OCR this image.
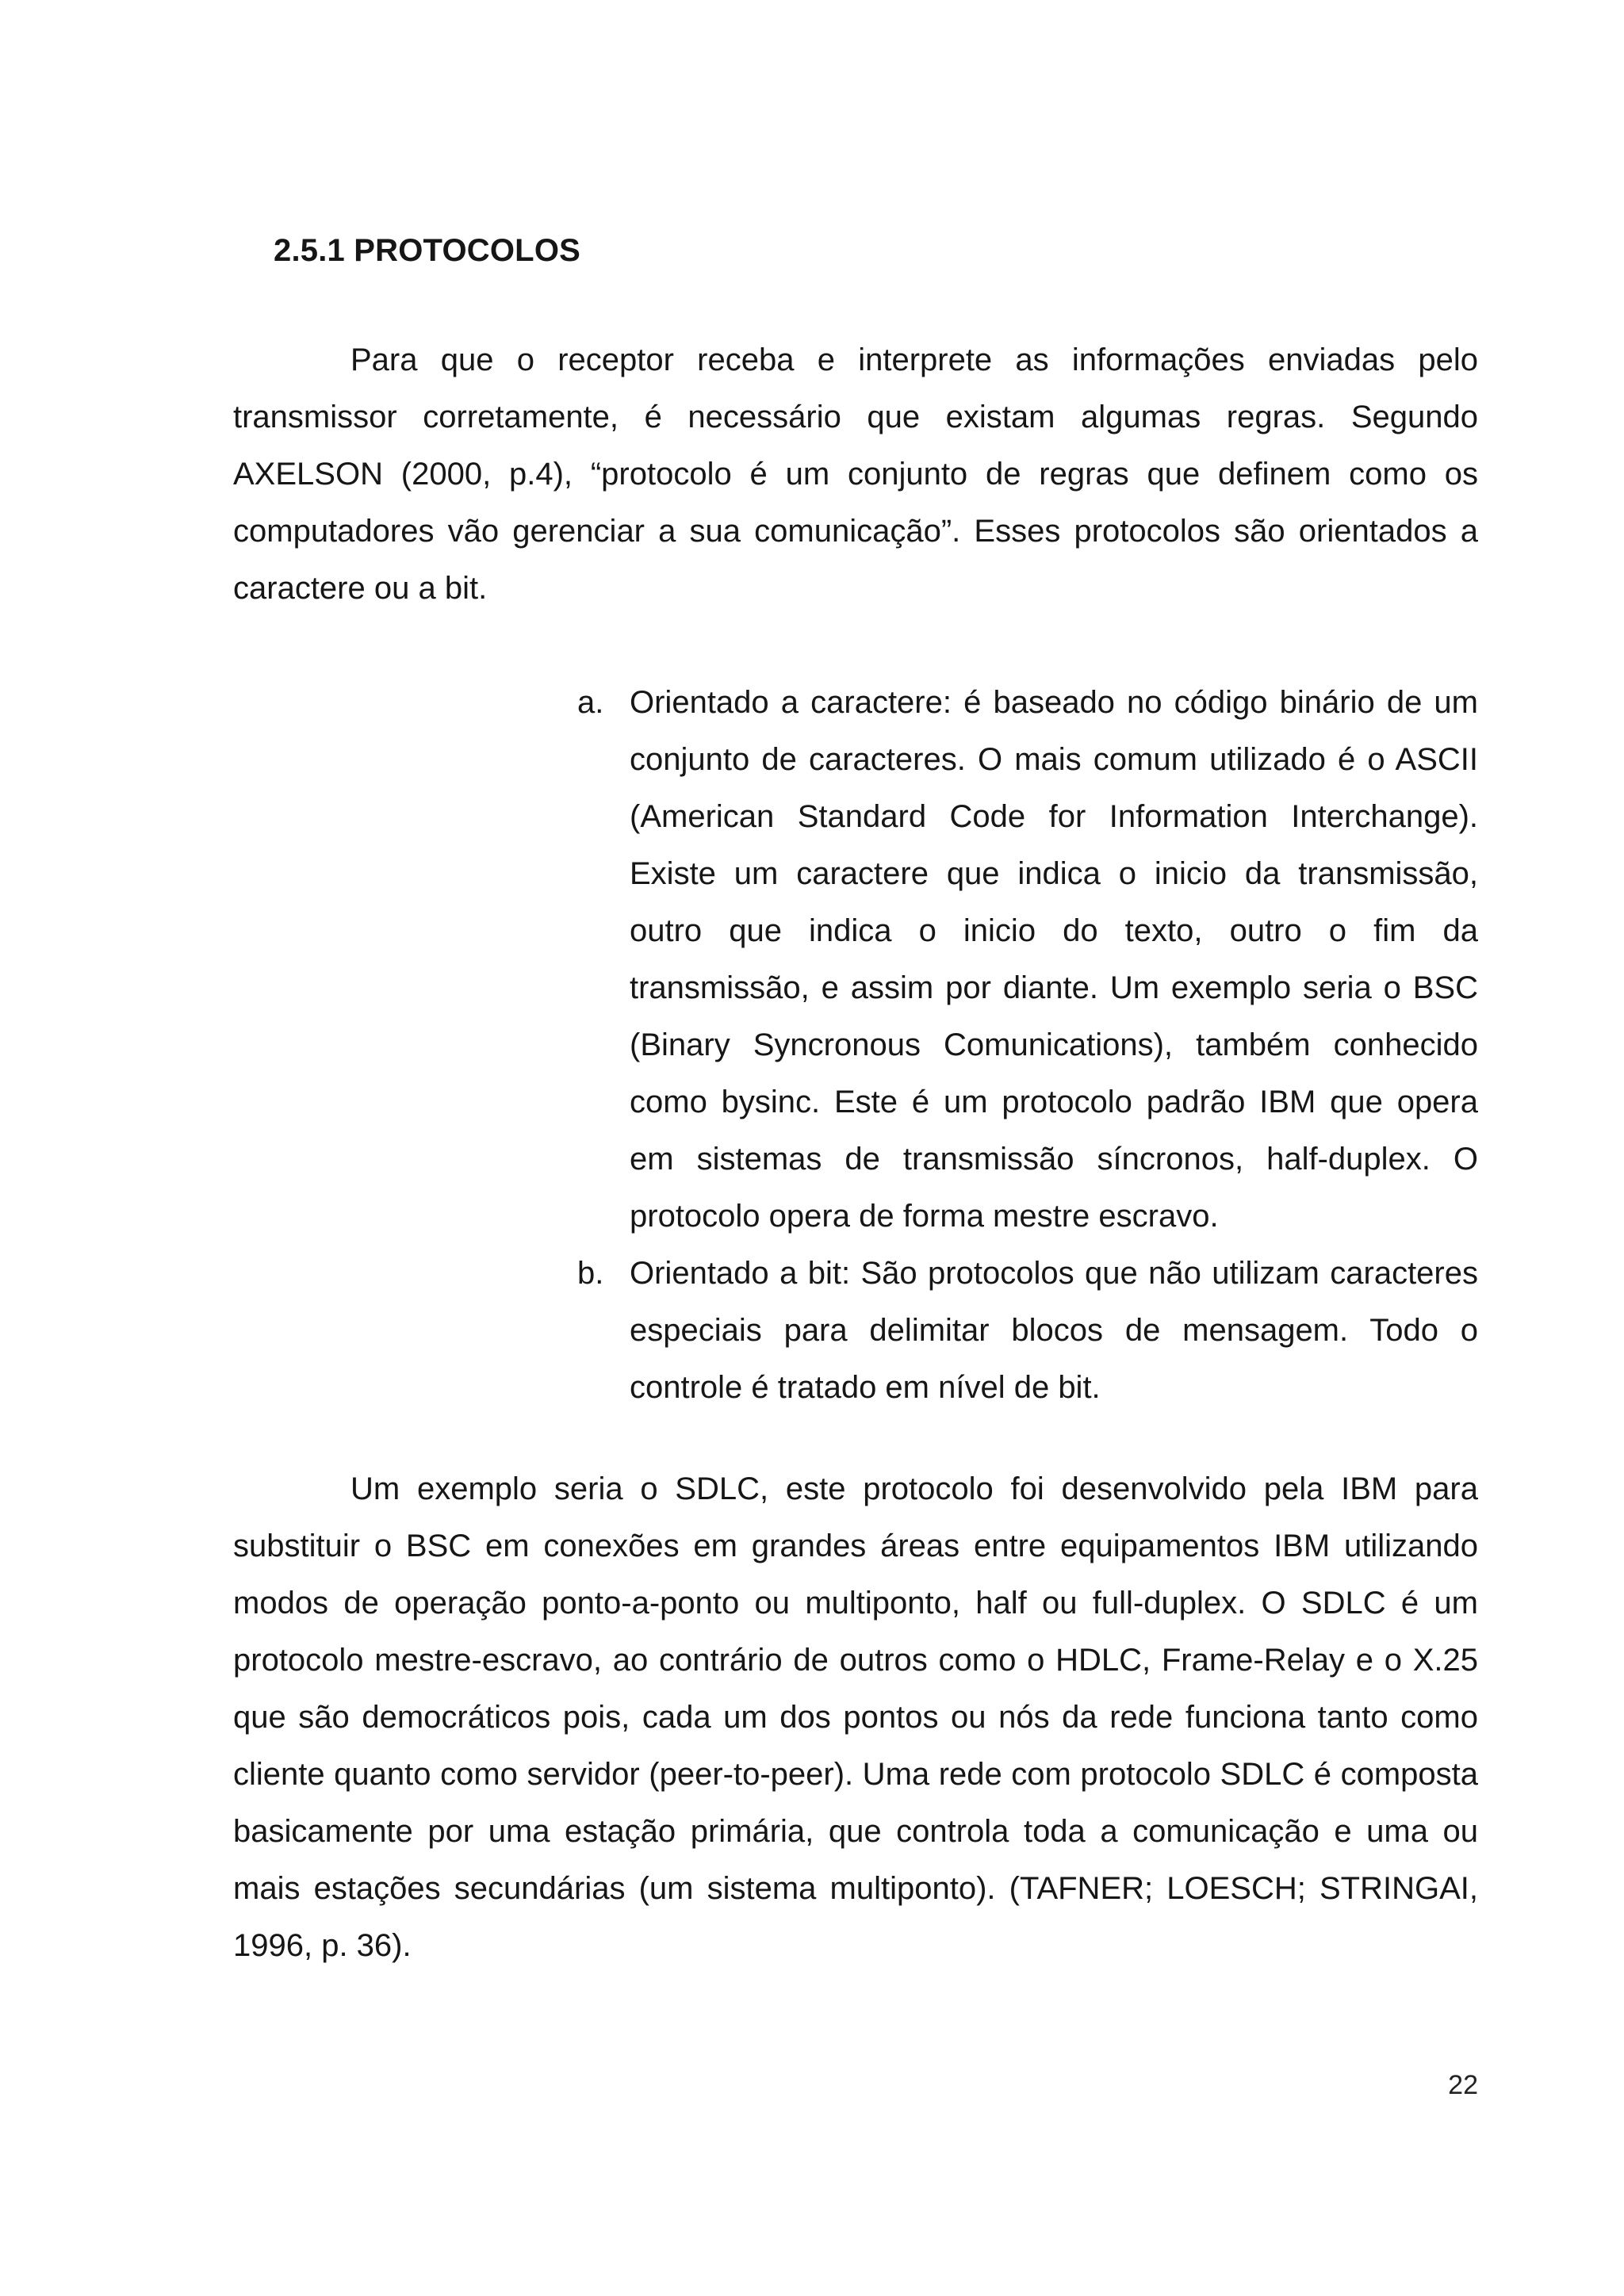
2.5.1 PROTOCOLOS

Para que o receptor receba e interprete as informações enviadas pelo transmissor corretamente, é necessário que existam algumas regras. Segundo AXELSON (2000, p.4), “protocolo é um conjunto de regras que definem como os computadores vão gerenciar a sua comunicação”. Esses protocolos são orientados a caractere ou a bit.

a. Orientado a caractere: é baseado no código binário de um conjunto de caracteres. O mais comum utilizado é o ASCII (American Standard Code for Information Interchange). Existe um caractere que indica o inicio da transmissão, outro que indica o inicio do texto, outro o fim da transmissão, e assim por diante. Um exemplo seria o BSC (Binary Syncronous Comunications), também conhecido como bysinc. Este é um protocolo padrão IBM que opera em sistemas de transmissão síncronos, half-duplex. O protocolo opera de forma mestre escravo.
b. Orientado a bit: São protocolos que não utilizam caracteres especiais para delimitar blocos de mensagem. Todo o controle é tratado em nível de bit.

Um exemplo seria o SDLC, este protocolo foi desenvolvido pela IBM para substituir o BSC em conexões em grandes áreas entre equipamentos IBM utilizando modos de operação ponto-a-ponto ou multiponto, half ou full-duplex. O SDLC é um protocolo mestre-escravo, ao contrário de outros como o HDLC, Frame-Relay e o X.25 que são democráticos pois, cada um dos pontos ou nós da rede funciona tanto como cliente quanto como servidor (peer-to-peer). Uma rede com protocolo SDLC é composta basicamente por uma estação primária, que controla toda a comunicação e uma ou mais estações secundárias (um sistema multiponto). (TAFNER; LOESCH; STRINGAI, 1996, p. 36).

22
